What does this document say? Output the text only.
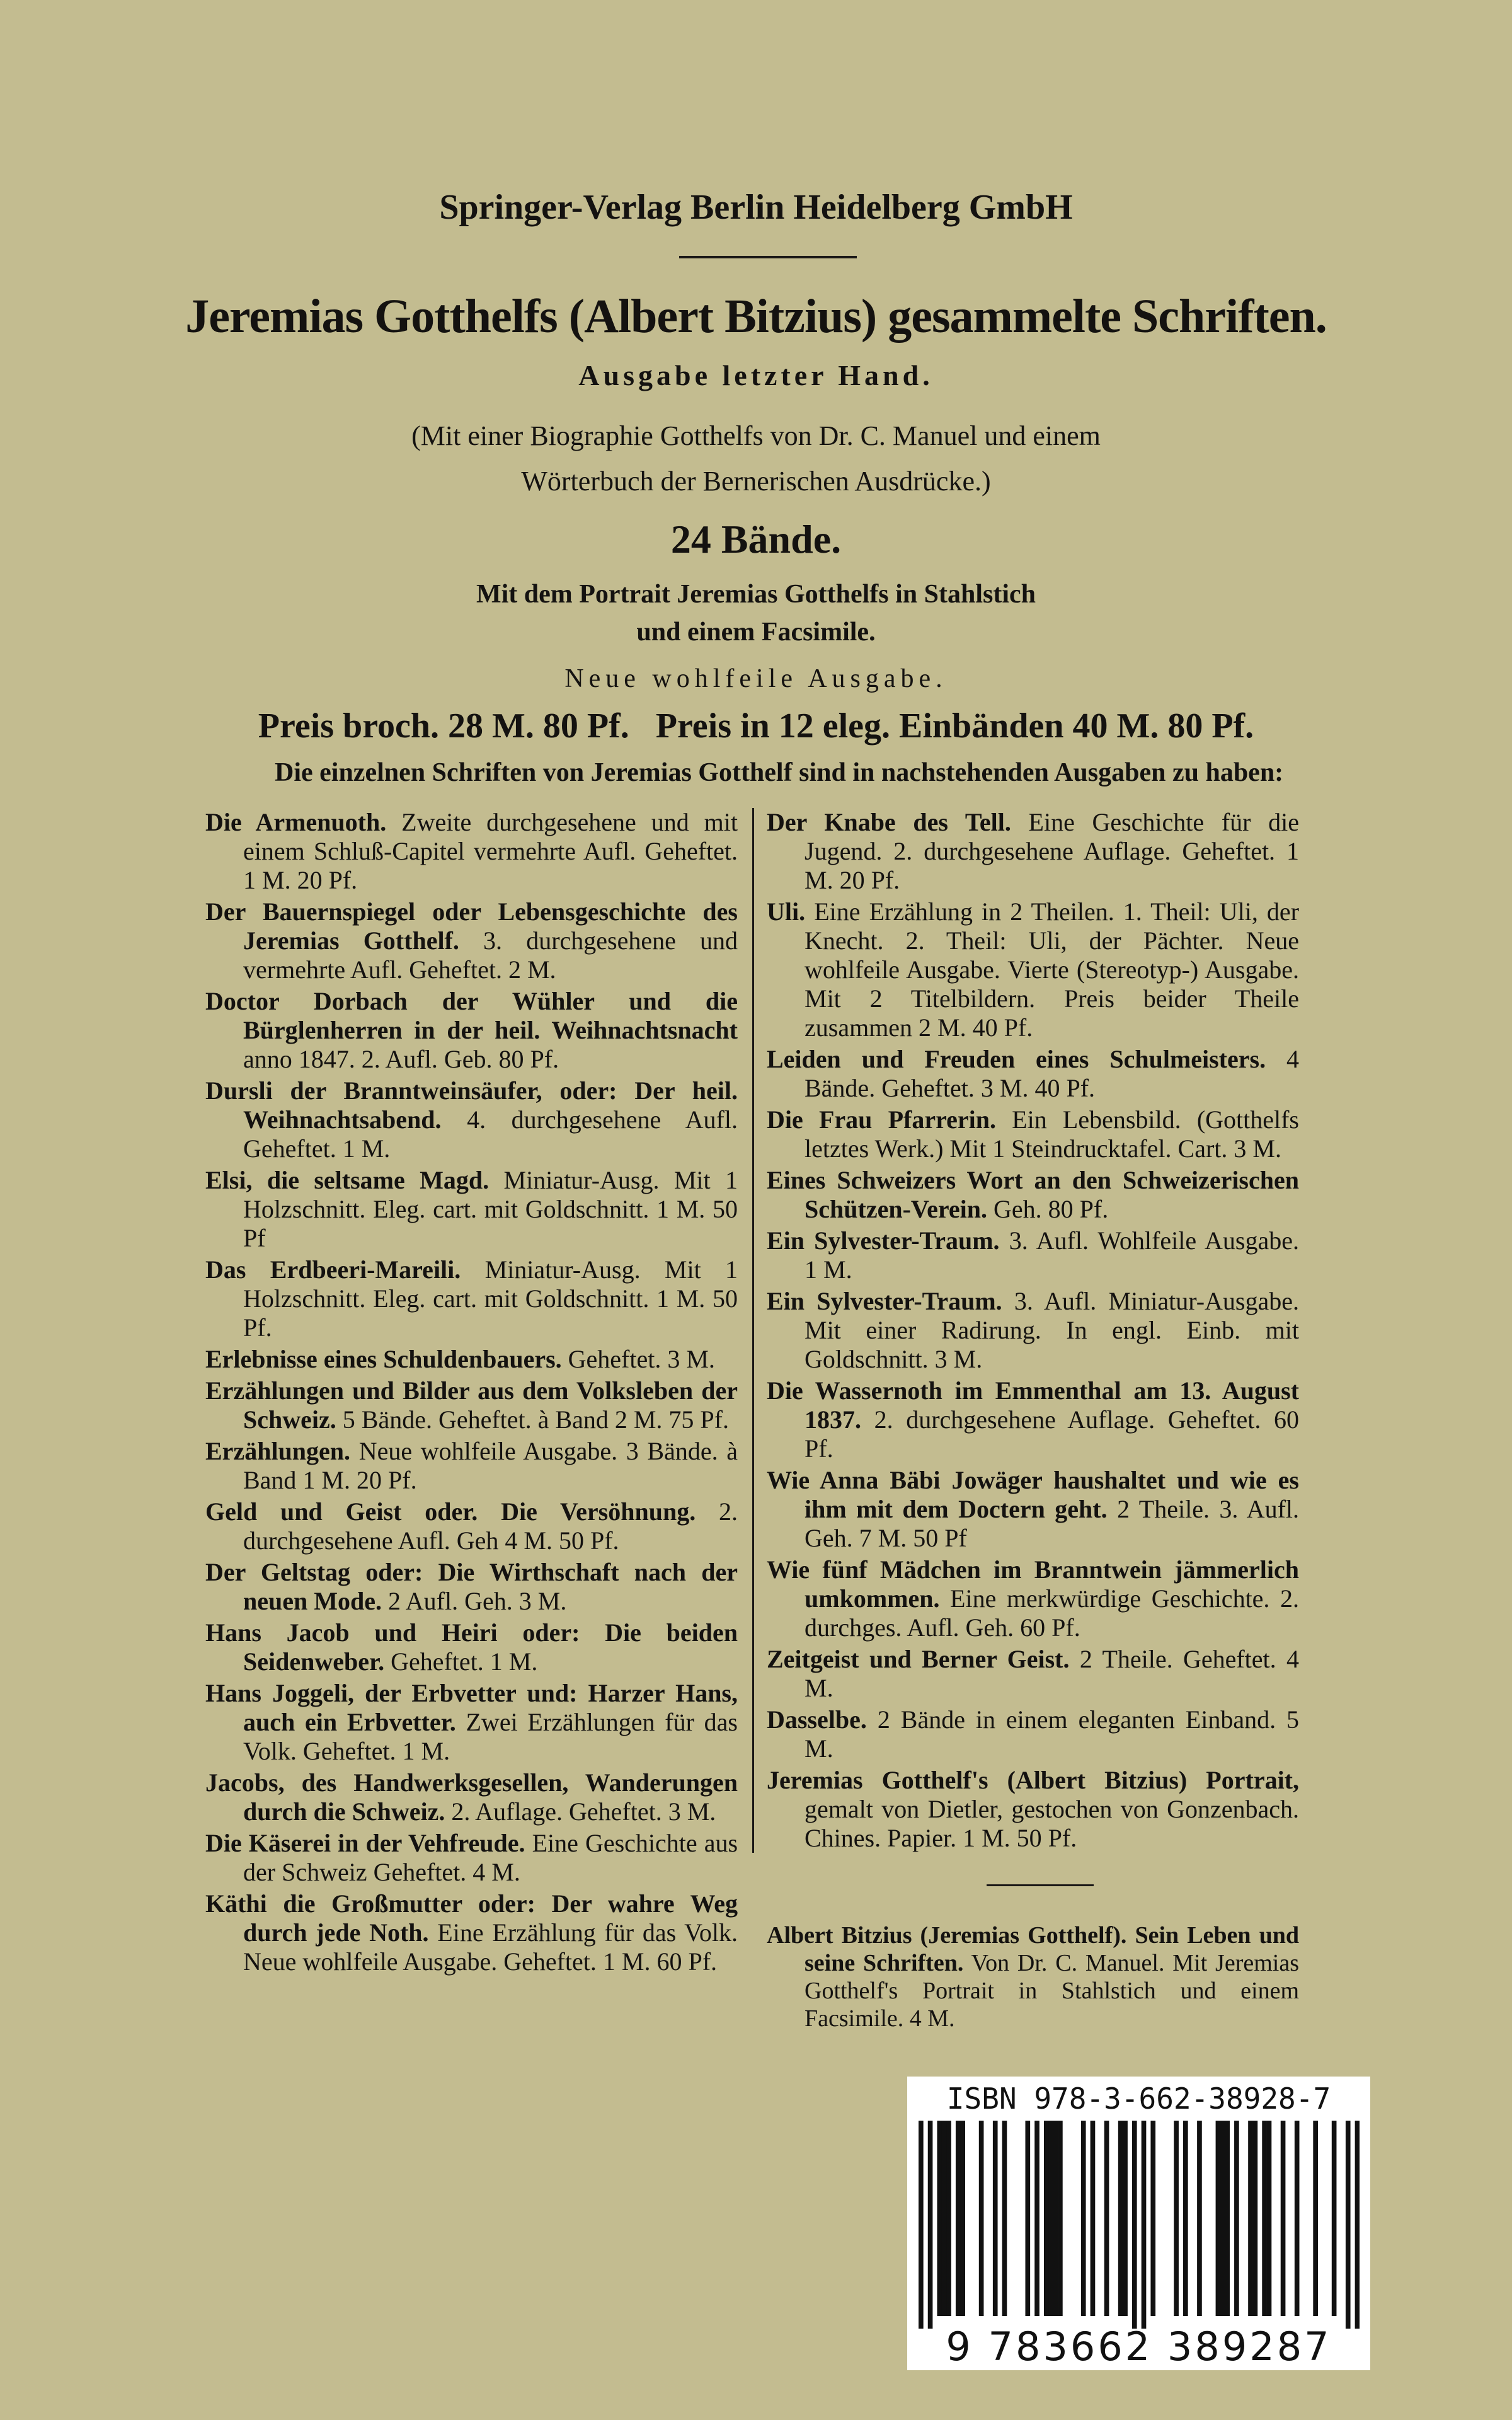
Springer-Verlag Berlin Heidelberg GmbH
Jeremias Gotthelfs (Albert Bitzius) gesammelte Schriften.
Ausgabe letzter Hand.
(Mit einer Biographie Gotthelfs von Dr. C. Manuel und einem
Wörterbuch der Bernerischen Ausdrücke.)
24 Bände.
Mit dem Portrait Jeremias Gotthelfs in Stahlstich
und einem Facsimile.
Neue wohlfeile Ausgabe.
Preis broch. 28 M. 80 Pf.   Preis in 12 eleg. Einbänden 40 M. 80 Pf.
Die einzelnen Schriften von Jeremias Gotthelf sind in nachstehenden Ausgaben zu haben:
Die Armenuoth. Zweite durchgesehene und mit einem Schluß-Capitel vermehrte Aufl. Geheftet. 1 M. 20 Pf.
Der Bauernspiegel oder Lebensgeschichte des Jeremias Gotthelf. 3. durchgesehene und vermehrte Aufl. Geheftet. 2 M.
Doctor Dorbach der Wühler und die Bürglenherren in der heil. Weihnachtsnacht anno 1847. 2. Aufl. Geb. 80 Pf.
Dursli der Branntweinsäufer, oder: Der heil. Weihnachtsabend. 4. durchgesehene Aufl. Geheftet. 1 M.
Elsi, die seltsame Magd. Miniatur-Ausg. Mit 1 Holzschnitt. Eleg. cart. mit Goldschnitt. 1 M. 50 Pf
Das Erdbeeri-Mareili. Miniatur-Ausg. Mit 1 Holzschnitt. Eleg. cart. mit Goldschnitt. 1 M. 50 Pf.
Erlebnisse eines Schuldenbauers. Geheftet. 3 M.
Erzählungen und Bilder aus dem Volksleben der Schweiz. 5 Bände. Geheftet. à Band 2 M. 75 Pf.
Erzählungen. Neue wohlfeile Ausgabe. 3 Bände. à Band 1 M. 20 Pf.
Geld und Geist oder. Die Versöhnung. 2. durchgesehene Aufl. Geh 4 M. 50 Pf.
Der Geltstag oder: Die Wirthschaft nach der neuen Mode. 2 Aufl. Geh. 3 M.
Hans Jacob und Heiri oder: Die beiden Seidenweber. Geheftet. 1 M.
Hans Joggeli, der Erbvetter und: Harzer Hans, auch ein Erbvetter. Zwei Erzählungen für das Volk. Geheftet. 1 M.
Jacobs, des Handwerksgesellen, Wanderungen durch die Schweiz. 2. Auflage. Geheftet. 3 M.
Die Käserei in der Vehfreude. Eine Geschichte aus der Schweiz Geheftet. 4 M.
Käthi die Großmutter oder: Der wahre Weg durch jede Noth. Eine Erzählung für das Volk. Neue wohlfeile Ausgabe. Geheftet. 1 M. 60 Pf.
Der Knabe des Tell. Eine Geschichte für die Jugend. 2. durchgesehene Auflage. Geheftet. 1 M. 20 Pf.
Uli. Eine Erzählung in 2 Theilen. 1. Theil: Uli, der Knecht. 2. Theil: Uli, der Pächter. Neue wohlfeile Ausgabe. Vierte (Stereotyp-) Ausgabe. Mit 2 Titelbildern. Preis beider Theile zusammen 2 M. 40 Pf.
Leiden und Freuden eines Schulmeisters. 4 Bände. Geheftet. 3 M. 40 Pf.
Die Frau Pfarrerin. Ein Lebensbild. (Gotthelfs letztes Werk.) Mit 1 Steindrucktafel. Cart. 3 M.
Eines Schweizers Wort an den Schweizerischen Schützen-Verein. Geh. 80 Pf.
Ein Sylvester-Traum. 3. Aufl. Wohlfeile Ausgabe. 1 M.
Ein Sylvester-Traum. 3. Aufl. Miniatur-Ausgabe. Mit einer Radirung. In engl. Einb. mit Goldschnitt. 3 M.
Die Wassernoth im Emmenthal am 13. August 1837. 2. durchgesehene Auflage. Geheftet. 60 Pf.
Wie Anna Bäbi Jowäger haushaltet und wie es ihm mit dem Doctern geht. 2 Theile. 3. Aufl. Geh. 7 M. 50 Pf
Wie fünf Mädchen im Branntwein jämmerlich umkommen. Eine merkwürdige Geschichte. 2. durchges. Aufl. Geh. 60 Pf.
Zeitgeist und Berner Geist. 2 Theile. Geheftet. 4 M.
Dasselbe. 2 Bände in einem eleganten Einband. 5 M.
Jeremias Gotthelf's (Albert Bitzius) Portrait, gemalt von Dietler, gestochen von Gonzenbach. Chines. Papier. 1 M. 50 Pf.
Albert Bitzius (Jeremias Gotthelf). Sein Leben und seine Schriften. Von Dr. C. Manuel. Mit Jeremias Gotthelf's Portrait in Stahlstich und einem Facsimile. 4 M.
ISBN 978-3-662-38928-7
9 783662 389287
